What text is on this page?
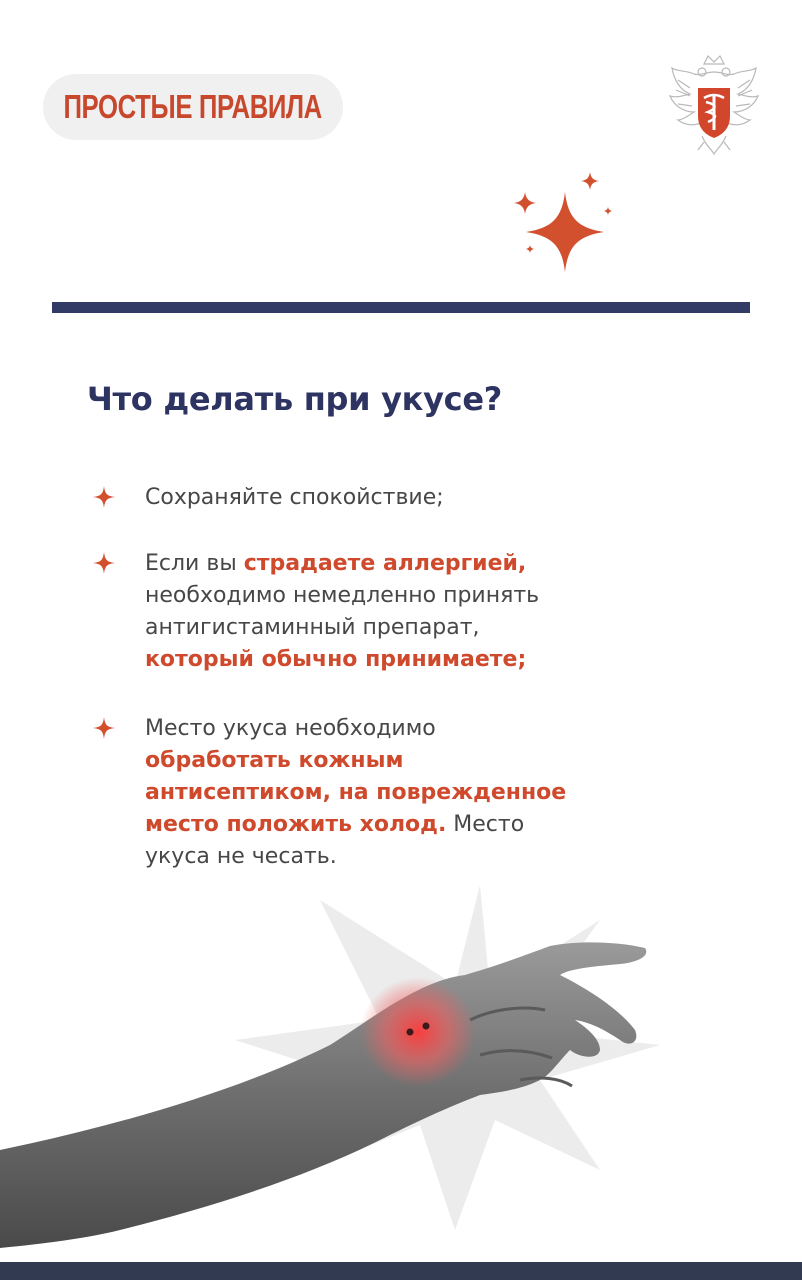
ПРОСТЫЕ ПРАВИЛА
Что делать при укусе?
Сохраняйте спокойствие;
Если вы страдаете аллергией,
необходимо немедленно принять
антигистаминный препарат,
который обычно принимаете;
Место укуса необходимо
обработать кожным
антисептиком, на поврежденное
место положить холод. Место
укуса не чесать.
